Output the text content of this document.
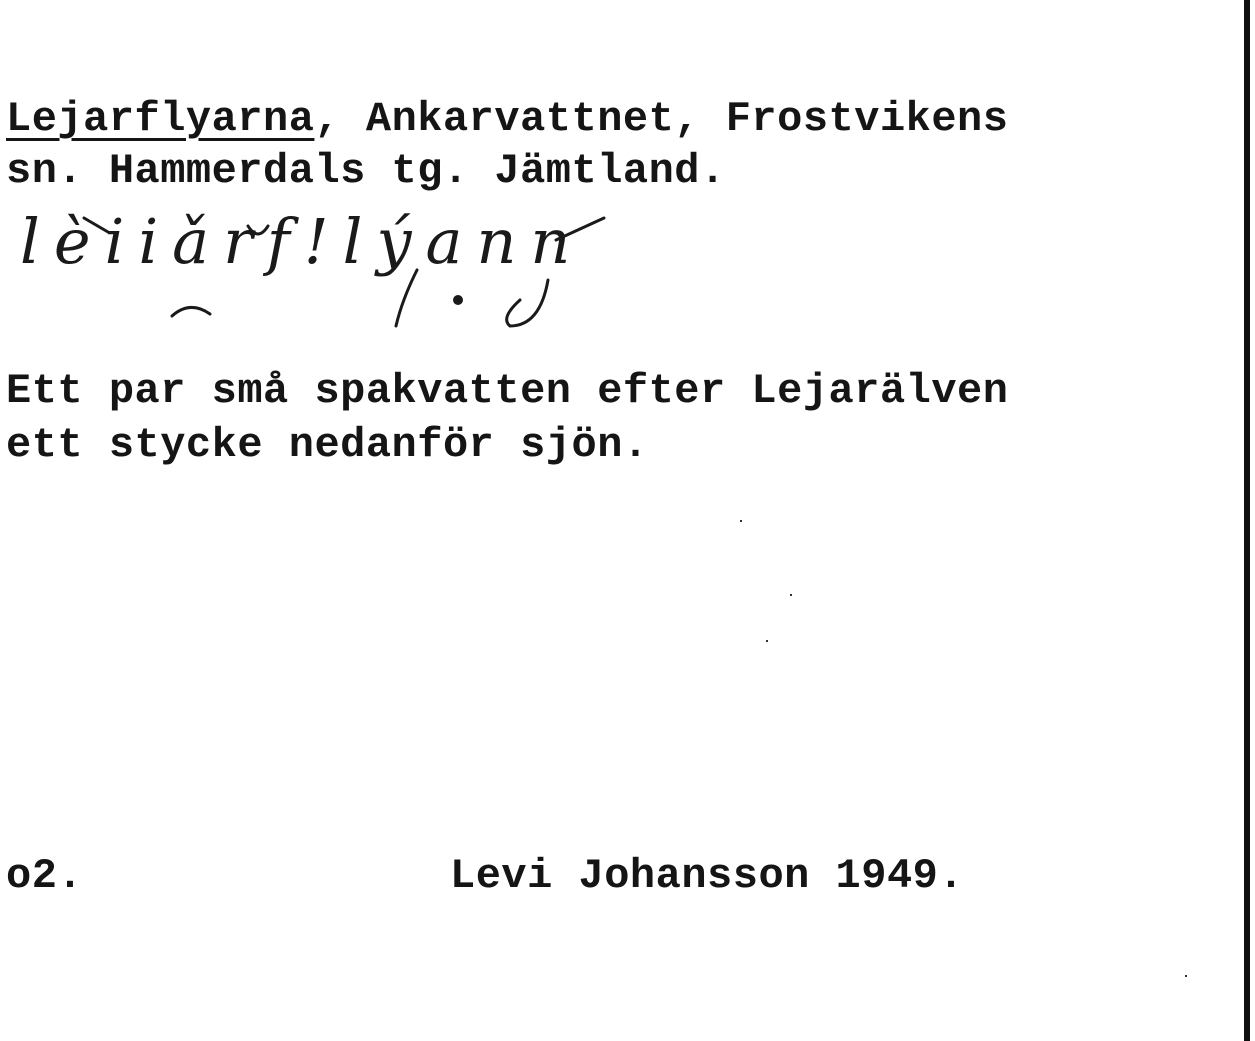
Lejarflyarna, Ankarvattnet, Frostvikens
sn. Hammerdals tg. Jämtland.
lèiiǎrf!lýann
Ett par små spakvatten efter Lejarälven
ett stycke nedanför sjön.
o2.	Levi Johansson 1949.
